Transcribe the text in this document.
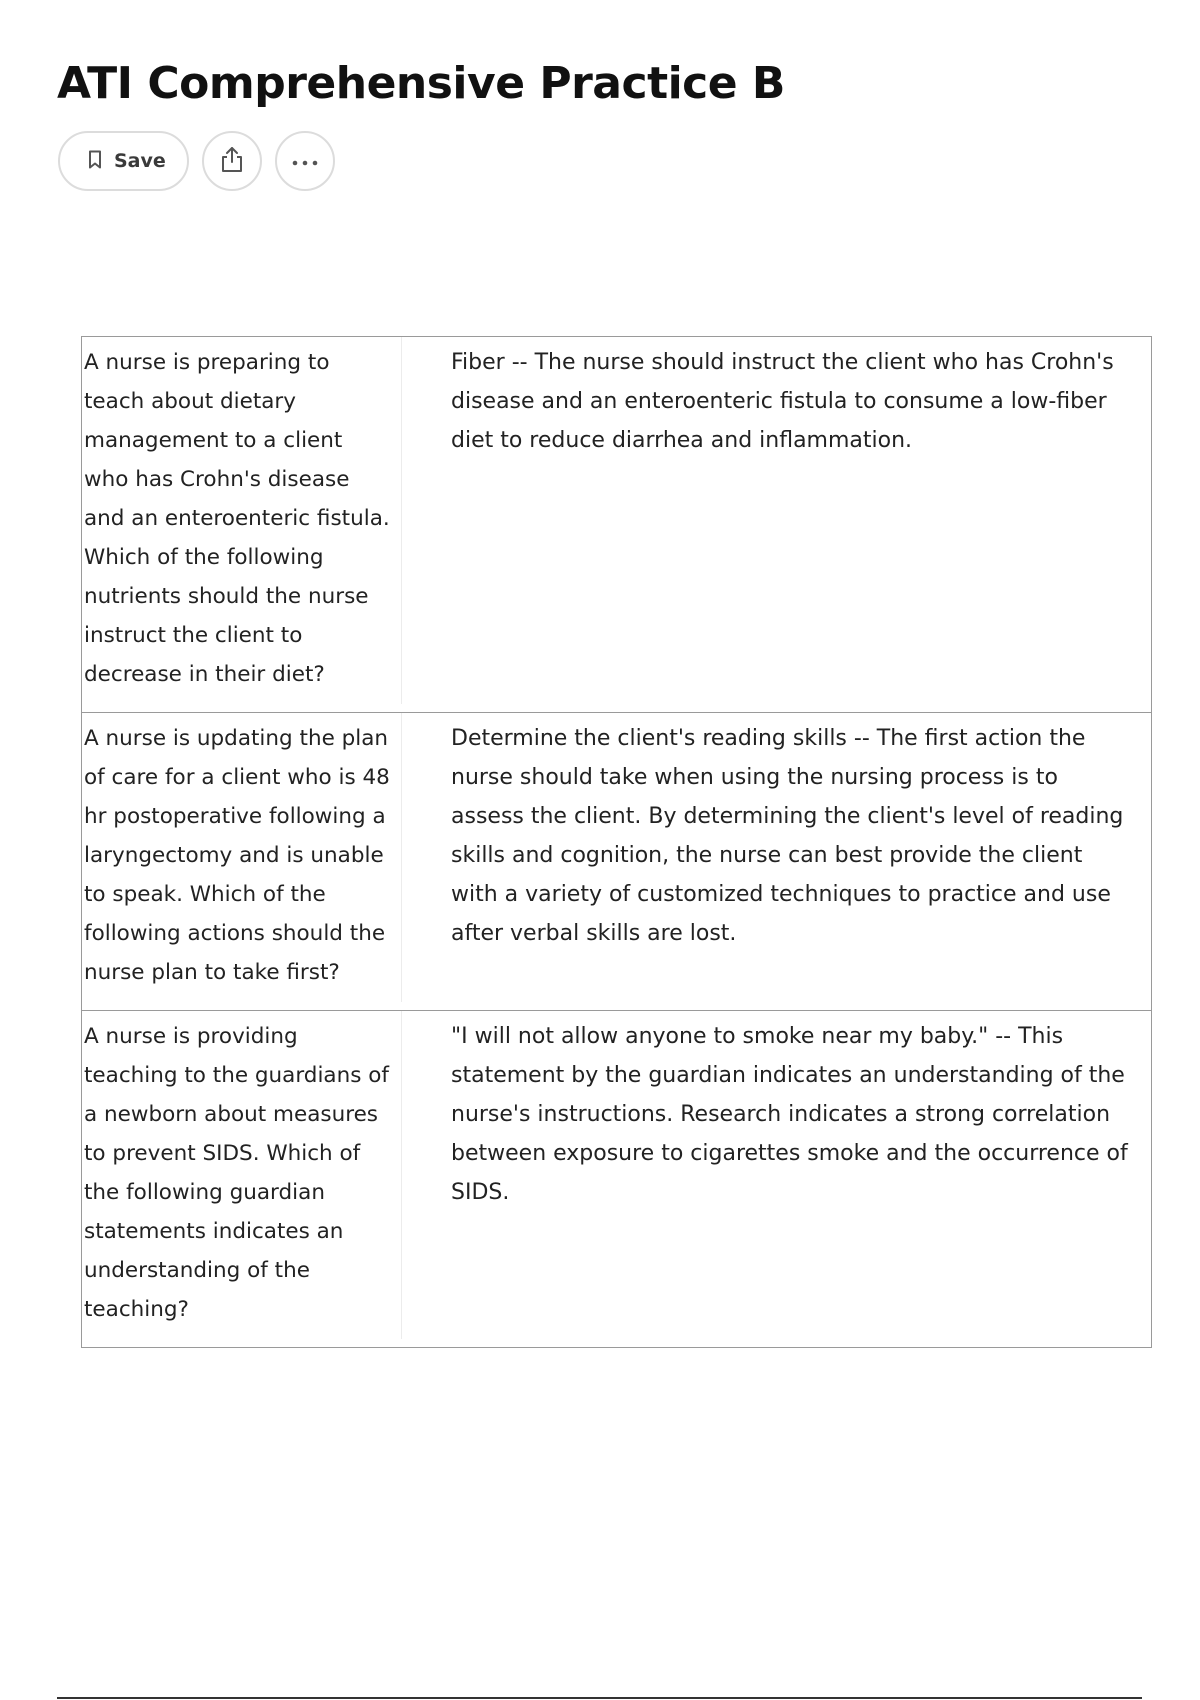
ATI Comprehensive Practice B
Save

A nurse is preparing to teach about dietary management to a client who has Crohn's disease and an enteroenteric fistula. Which of the following nutrients should the nurse instruct the client to decrease in their diet?

Fiber -- The nurse should instruct the client who has Crohn's disease and an enteroenteric fistula to consume a low-fiber diet to reduce diarrhea and inflammation.

A nurse is updating the plan of care for a client who is 48 hr postoperative following a laryngectomy and is unable to speak. Which of the following actions should the nurse plan to take first?

Determine the client's reading skills -- The first action the nurse should take when using the nursing process is to assess the client. By determining the client's level of reading skills and cognition, the nurse can best provide the client with a variety of customized techniques to practice and use after verbal skills are lost.

A nurse is providing teaching to the guardians of a newborn about measures to prevent SIDS. Which of the following guardian statements indicates an understanding of the teaching?

"I will not allow anyone to smoke near my baby." -- This statement by the guardian indicates an understanding of the nurse's instructions. Research indicates a strong correlation between exposure to cigarettes smoke and the occurrence of SIDS.
